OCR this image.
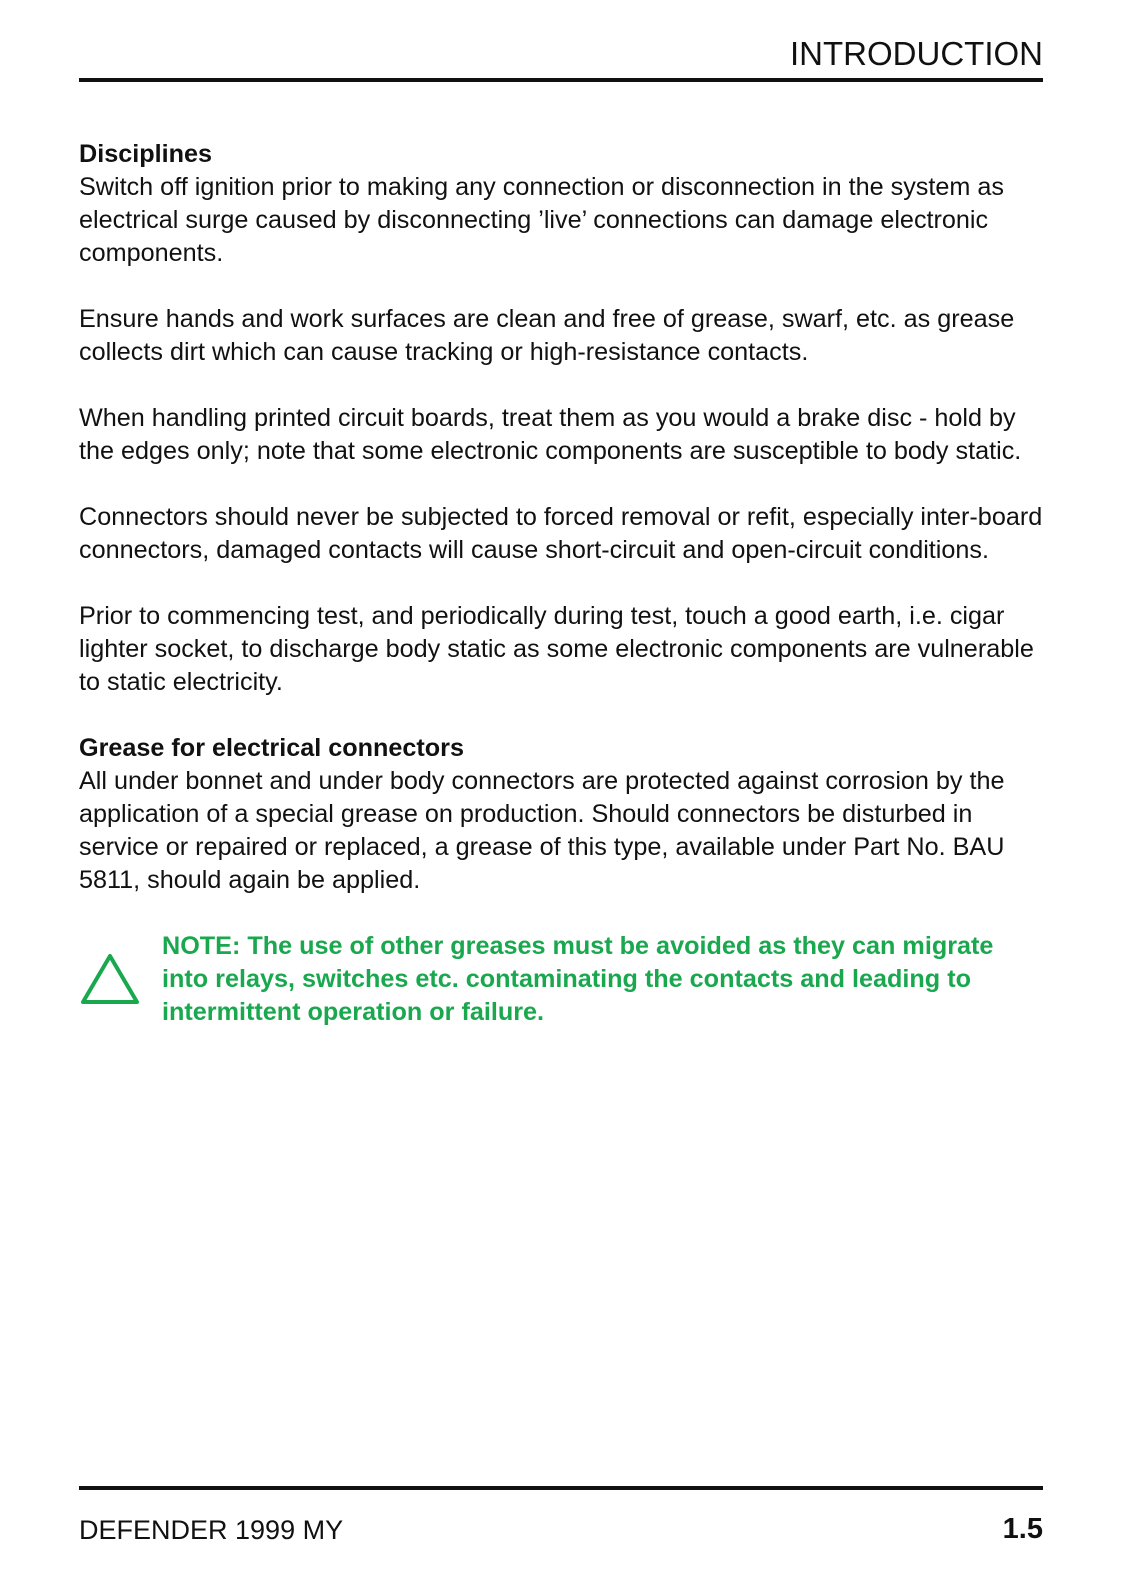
INTRODUCTION

Disciplines

Switch off ignition prior to making any connection or disconnection in the system as electrical surge caused by disconnecting ’live’ connections can damage electronic components.

Ensure hands and work surfaces are clean and free of grease, swarf, etc. as grease collects dirt which can cause tracking or high-resistance contacts.

When handling printed circuit boards, treat them as you would a brake disc - hold by the edges only; note that some electronic components are susceptible to body static.

Connectors should never be subjected to forced removal or refit, especially inter-board connectors, damaged contacts will cause short-circuit and open-circuit conditions.

Prior to commencing test, and periodically during test, touch a good earth, i.e. cigar lighter socket, to discharge body static as some electronic components are vulnerable to static electricity.

Grease for electrical connectors

All under bonnet and under body connectors are protected against corrosion by the application of a special grease on production. Should connectors be disturbed in service or repaired or replaced, a grease of this type, available under Part No. BAU 5811, should again be applied.

NOTE: The use of other greases must be avoided as they can migrate into relays, switches etc. contaminating the contacts and leading to intermittent operation or failure.
DEFENDER 1999 MY	1.5
